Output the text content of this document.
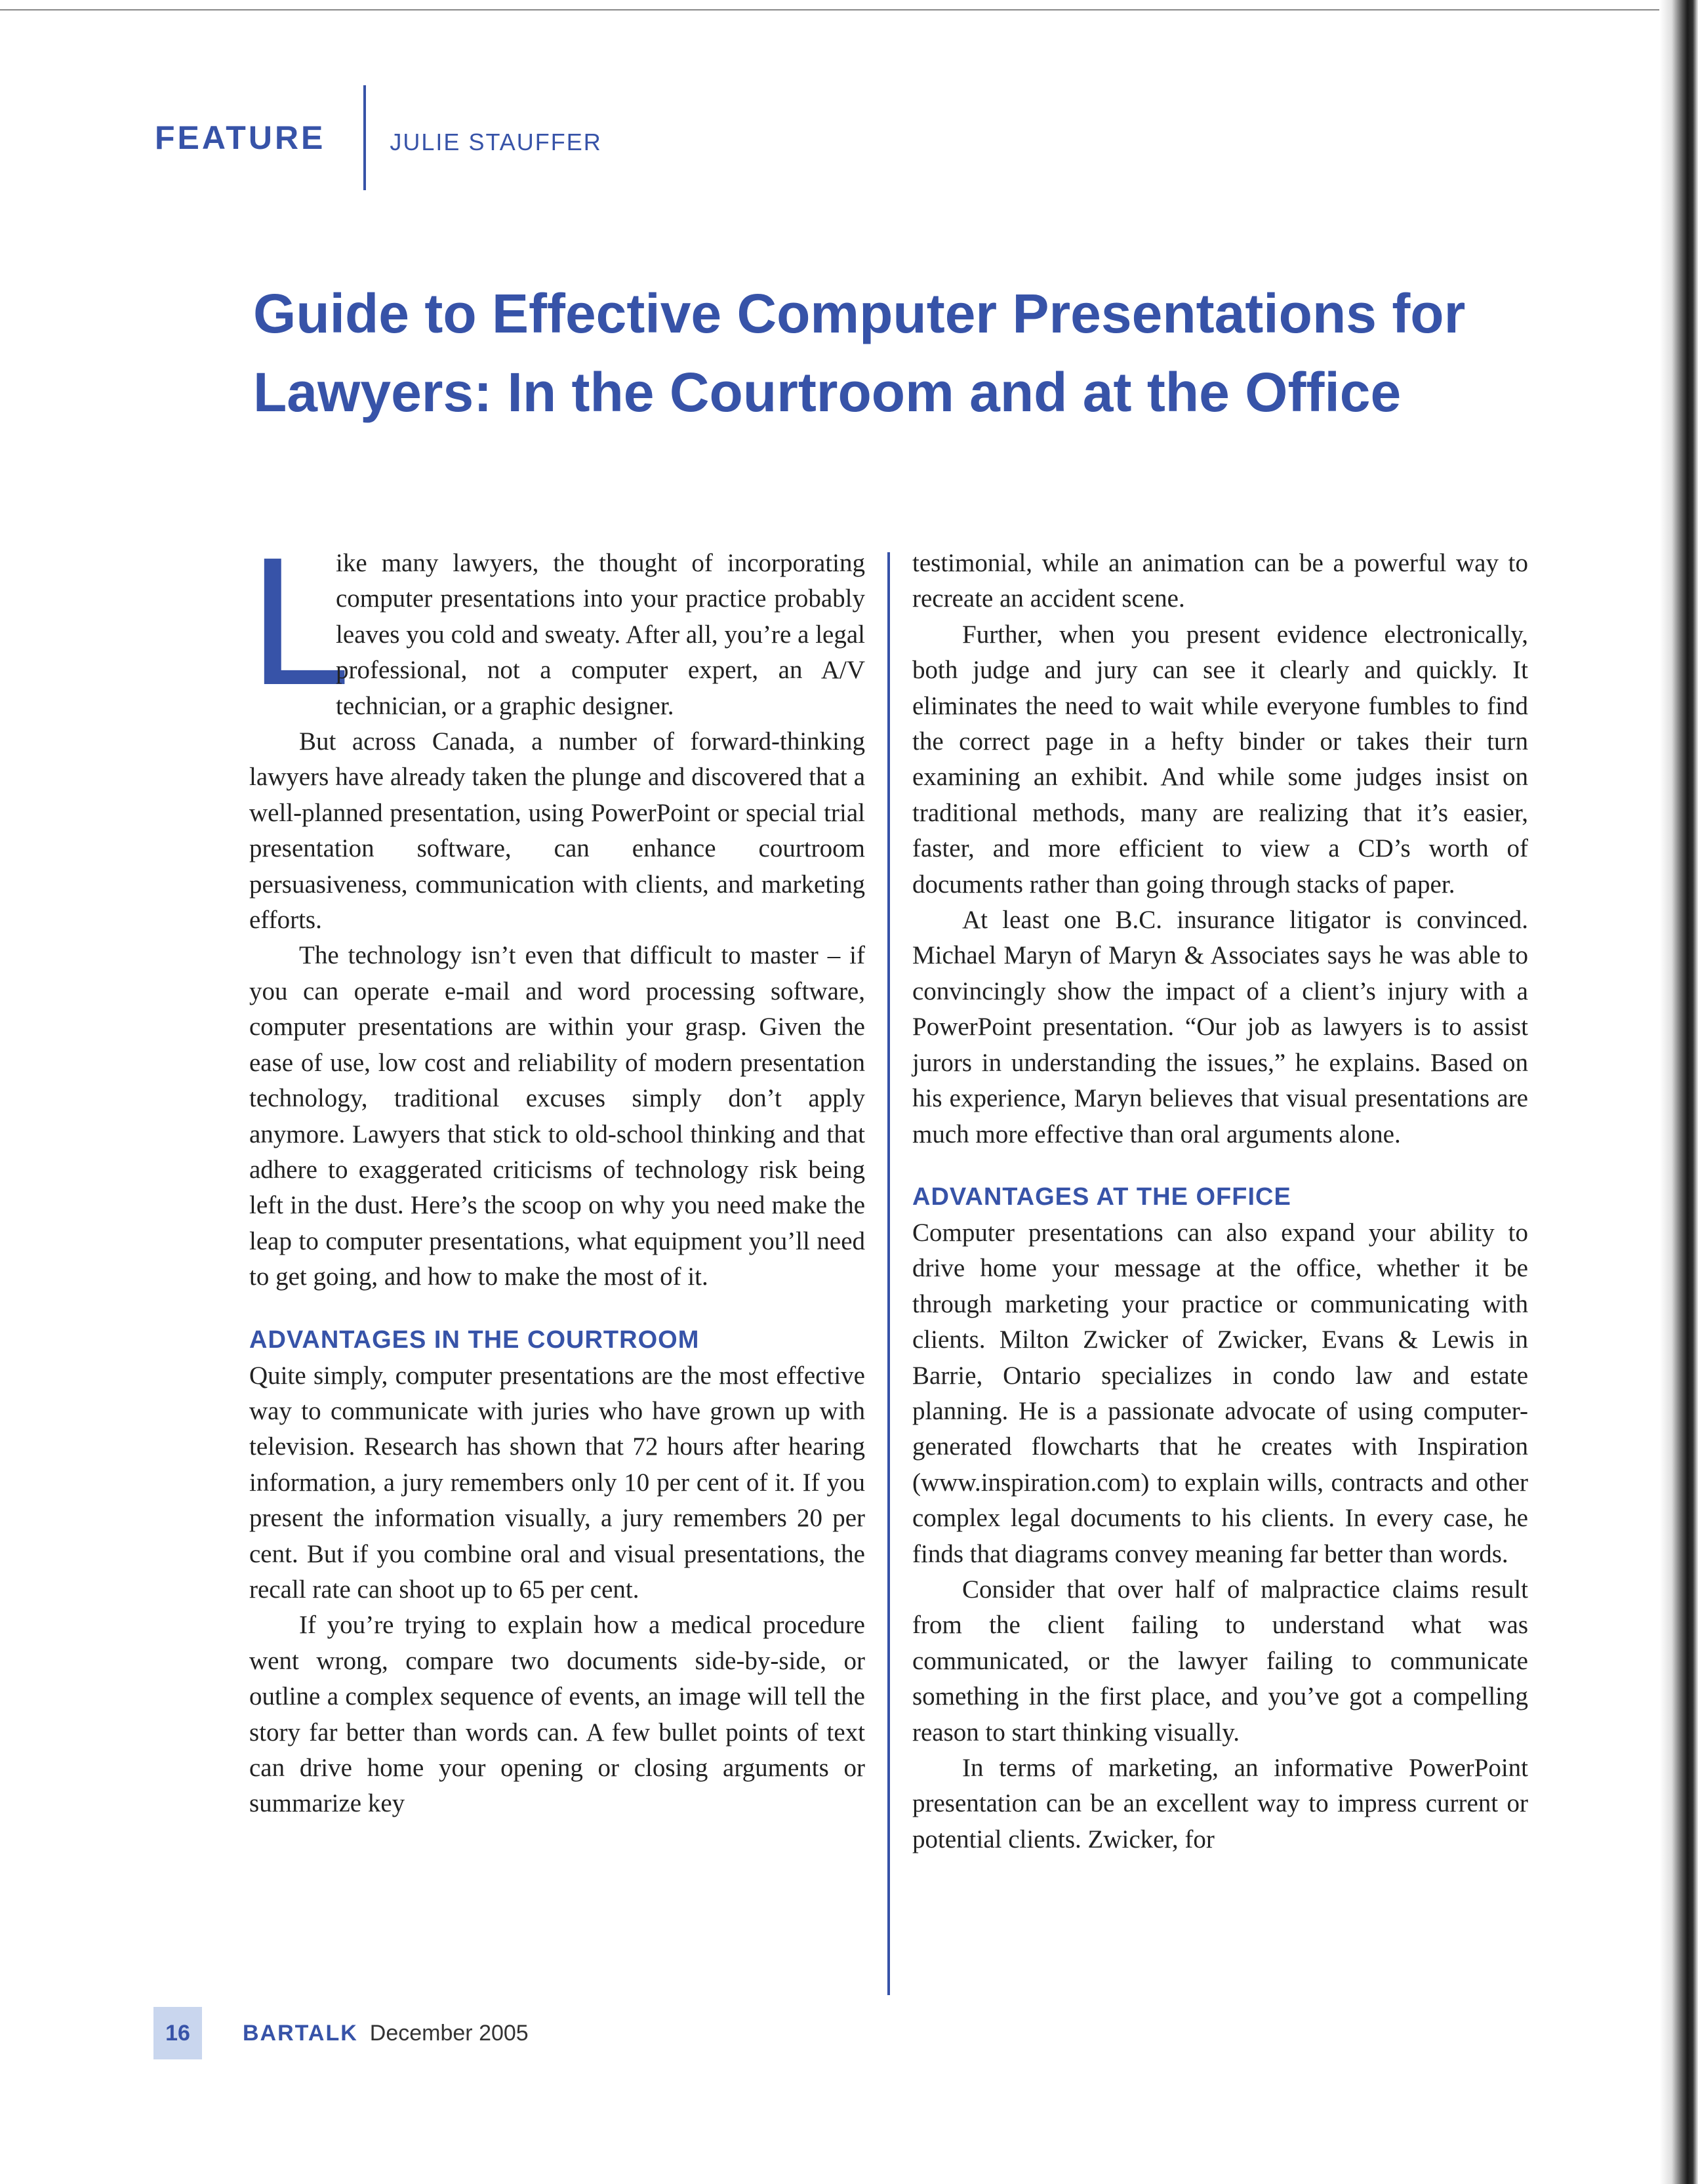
FEATURE	JULIE STAUFFER
Guide to Effective Computer Presentations for Lawyers: In the Courtroom and at the Office

L
ike many lawyers, the thought of incorporating computer presentations into your practice probably leaves you cold and sweaty. After all, you’re a legal professional, not a computer expert, an A/V technician, or a graphic designer.

But across Canada, a number of forward-thinking lawyers have already taken the plunge and discovered that a well-planned presentation, using PowerPoint or special trial presentation software, can enhance courtroom persuasiveness, communication with clients, and marketing efforts.

The technology isn’t even that difficult to master – if you can operate e-mail and word processing software, computer presentations are within your grasp. Given the ease of use, low cost and reliability of modern presentation technology, traditional excuses simply don’t apply anymore. Lawyers that stick to old-school thinking and that adhere to exaggerated criticisms of technology risk being left in the dust. Here’s the scoop on why you need make the leap to computer presentations, what equipment you’ll need to get going, and how to make the most of it.

ADVANTAGES IN THE COURTROOM

Quite simply, computer presentations are the most effective way to communicate with juries who have grown up with television. Research has shown that 72 hours after hearing information, a jury remembers only 10 per cent of it. If you present the information visually, a jury remembers 20 per cent. But if you combine oral and visual presentations, the recall rate can shoot up to 65 per cent.

If you’re trying to explain how a medical procedure went wrong, compare two documents side-by-side, or outline a complex sequence of events, an image will tell the story far better than words can. A few bullet points of text can drive home your opening or closing arguments or summarize key

testimonial, while an animation can be a powerful way to recreate an accident scene.

Further, when you present evidence electronically, both judge and jury can see it clearly and quickly. It eliminates the need to wait while everyone fumbles to find the correct page in a hefty binder or takes their turn examining an exhibit. And while some judges insist on traditional methods, many are realizing that it’s easier, faster, and more efficient to view a CD’s worth of documents rather than going through stacks of paper.

At least one B.C. insurance litigator is convinced. Michael Maryn of Maryn & Associates says he was able to convincingly show the impact of a client’s injury with a PowerPoint presentation. “Our job as lawyers is to assist jurors in understanding the issues,” he explains. Based on his experience, Maryn believes that visual presentations are much more effective than oral arguments alone.

ADVANTAGES AT THE OFFICE

Computer presentations can also expand your ability to drive home your message at the office, whether it be through marketing your practice or communicating with clients. Milton Zwicker of Zwicker, Evans & Lewis in Barrie, Ontario specializes in condo law and estate planning. He is a passionate advocate of using computer-generated flowcharts that he creates with Inspiration (www.inspiration.com) to explain wills, contracts and other complex legal documents to his clients. In every case, he finds that diagrams convey meaning far better than words.

Consider that over half of malpractice claims result from the client failing to understand what was communicated, or the lawyer failing to communicate something in the first place, and you’ve got a compelling reason to start thinking visually.

In terms of marketing, an informative PowerPoint presentation can be an excellent way to impress current or potential clients. Zwicker, for

16	BARTALK December 2005
